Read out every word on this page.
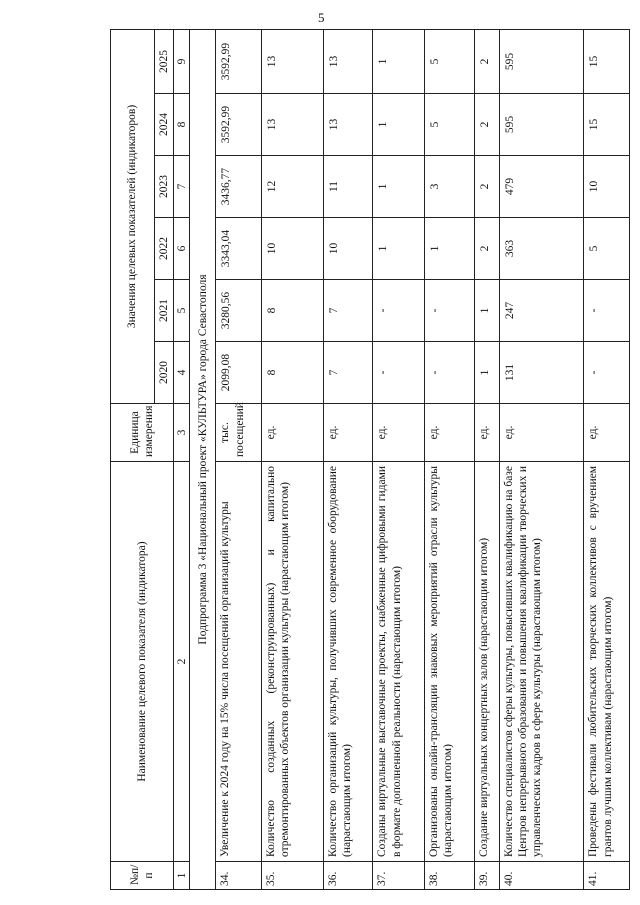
5
№п/п	Наименование целевого показателя (индикатора)	Единица измерения	Значения целевых показателей (индикаторов)					
			2020	2021	2022	2023	2024	2025
1	2	3	4	5	6	7	8	9
Подпрограмма 3 «Национальный проект «КУЛЬТУРА» города Севастополя								
34.	Увеличение к 2024 году на 15% числа посещений организаций культуры	тыс. посещений	2099,08	3280,56	3343,04	3436,77	3592,99	3592,99
35.	Количество созданных (реконструированных) и капитально отремонтированных объектов организации культуры (нарастающим итогом)	ед.	8	8	10	12	13	13
36.	Количество организаций культуры, получивших современное оборудование (нарастающим итогом)	ед.	7	7	10	11	13	13
37.	Созданы виртуальные выставочные проекты, снабженные цифровыми гидами в формате дополненной реальности (нарастающим итогом)	ед.	-	-	1	1	1	1
38.	Организованы онлайн-трансляции знаковых мероприятий отрасли культуры (нарастающим итогом)	ед.	-	-	1	3	5	5
39.	Создание виртуальных концертных залов (нарастающим итогом)	ед.	1	1	2	2	2	2
40.	Количество специалистов сферы культуры, повысивших квалификацию на базе Центров непрерывного образования и повышения квалификации творческих и управленческих кадров в сфере культуры (нарастающим итогом)	ед.	131	247	363	479	595	595
41.	Проведены фестивали любительских творческих коллективов с вручением грантов лучшим коллективам (нарастающим итогом)	ед.	-	-	5	10	15	15
